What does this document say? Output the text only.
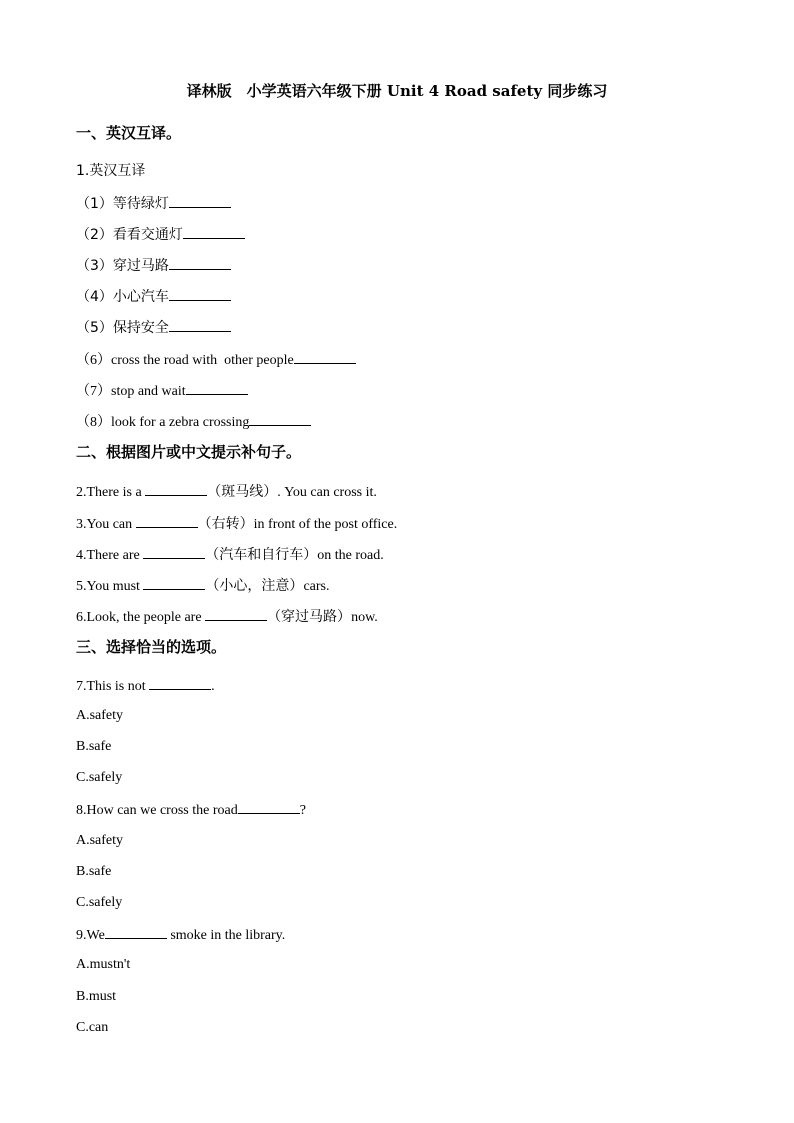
译林版　小学英语六年级下册 Unit 4 Road safety 同步练习
一、英汉互译。
1.英汉互译
（1）等待绿灯
（2）看看交通灯
（3）穿过马路
（4）小心汽车
（5）保持安全
（6）cross the road with  other people
（7）stop and wait
（8）look for a zebra crossing
二、根据图片或中文提示补句子。
2.There is a	（斑马线）. You can cross it.
3.You can	（右转）in front of the post office.
4.There are	（汽车和自行车）on the road.
5.You must	（小心，注意）cars.
6.Look, the people are	（穿过马路）now.
三、选择恰当的选项。
7.This is not	.
A.safety
B.safe
C.safely
8.How can we cross the road	?
A.safety
B.safe
C.safely
9.We	smoke in the library.
A.mustn't
B.must
C.can
